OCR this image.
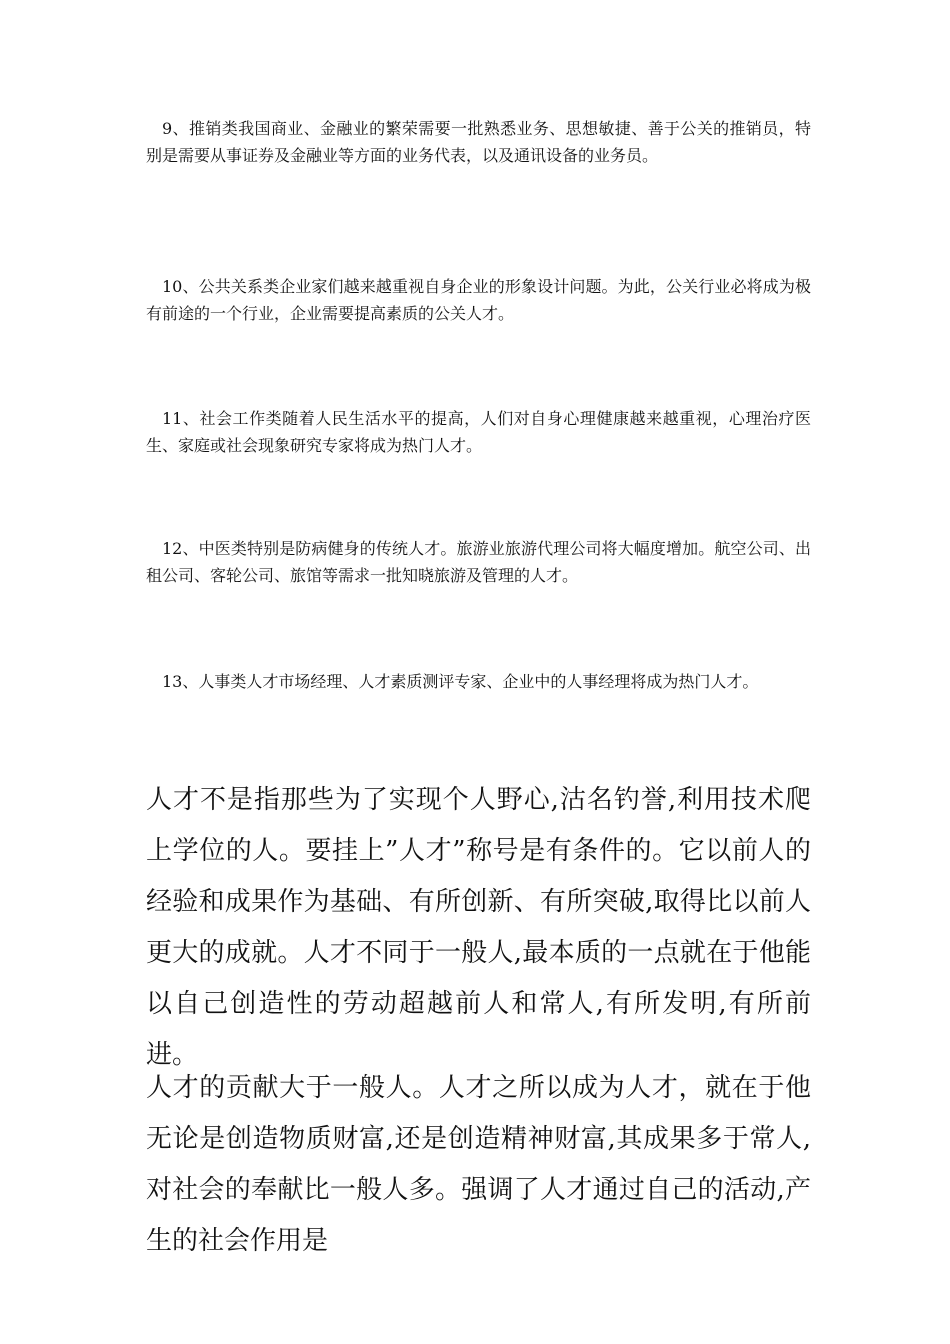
9、推销类我国商业、金融业的繁荣需要一批熟悉业务、思想敏捷、善于公关的推销员，特别是需要从事证券及金融业等方面的业务代表，以及通讯设备的业务员。

10、公共关系类企业家们越来越重视自身企业的形象设计问题。为此，公关行业必将成为极有前途的一个行业，企业需要提高素质的公关人才。

11、社会工作类随着人民生活水平的提高，人们对自身心理健康越来越重视，心理治疗医生、家庭或社会现象研究专家将成为热门人才。

12、中医类特别是防病健身的传统人才。旅游业旅游代理公司将大幅度增加。航空公司、出租公司、客轮公司、旅馆等需求一批知晓旅游及管理的人才。

13、人事类人才市场经理、人才素质测评专家、企业中的人事经理将成为热门人才。

人才不是指那些为了实现个人野心,沽名钓誉,利用技术爬上学位的人。要挂上”人才”称号是有条件的。它以前人的经验和成果作为基础、有所创新、有所突破,取得比以前人更大的成就。人才不同于一般人,最本质的一点就在于他能以自己创造性的劳动超越前人和常人,有所发明,有所前进。

人才的贡献大于一般人。人才之所以成为人才，就在于他无论是创造物质财富,还是创造精神财富,其成果多于常人,对社会的奉献比一般人多。强调了人才通过自己的活动,产生的社会作用是
